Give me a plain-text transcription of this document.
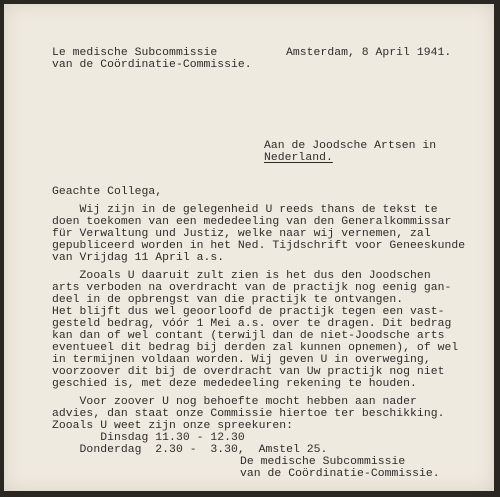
Le medische Subcommissie
van de Coördinatie-Commissie.
Amsterdam, 8 April 1941.
Aan de Joodsche Artsen in
Nederland.
Geachte Collega,
Wij zijn in de gelegenheid U reeds thans de tekst te
doen toekomen van een mededeeling van den Generalkommissar
für Verwaltung und Justiz, welke naar wij vernemen, zal
gepubliceerd worden in het Ned. Tijdschrift voor Geneeskunde
van Vrijdag 11 April a.s.
Zooals U daaruit zult zien is het dus den Joodschen
arts verboden na overdracht van de practijk nog eenig gan-
deel in de opbrengst van die practijk te ontvangen.
Het blijft dus wel geoorloofd de practijk tegen een vast-
gesteld bedrag, vóór 1 Mei a.s. over te dragen. Dit bedrag
kan dan of wel contant (terwijl dan de niet-Joodsche arts
eventueel dit bedrag bij derden zal kunnen opnemen), of wel
in termijnen voldaan worden. Wij geven U in overweging,
voorzoover dit bij de overdracht van Uw practijk nog niet
geschied is, met deze mededeeling rekening te houden.
Voor zoover U nog behoefte mocht hebben aan nader
advies, dan staat onze Commissie hiertoe ter beschikking.
Zooals U weet zijn onze spreekuren:
Dinsdag 11.30 - 12.30
Donderdag  2.30 -  3.30,  Amstel 25.
De medische Subcommissie
van de Coördinatie-Commissie.
